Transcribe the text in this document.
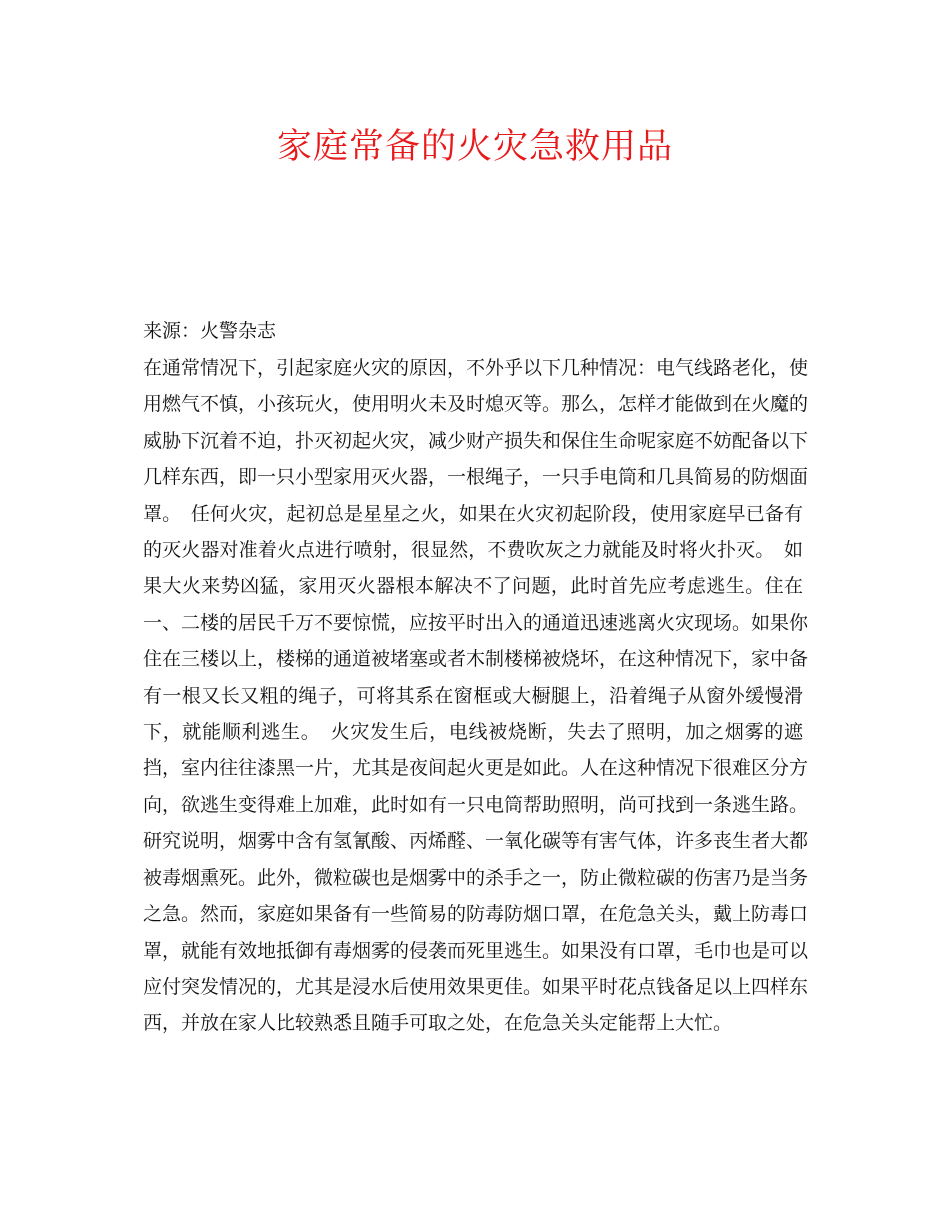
家庭常备的火灾急救用品

来源：火警杂志

在通常情况下，引起家庭火灾的原因，不外乎以下几种情况：电气线路老化，使
用燃气不慎，小孩玩火，使用明火未及时熄灭等。那么，怎样才能做到在火魔的
威胁下沉着不迫，扑灭初起火灾，减少财产损失和保住生命呢家庭不妨配备以下
几样东西，即一只小型家用灭火器，一根绳子，一只手电筒和几具简易的防烟面
罩。　任何火灾，起初总是星星之火，如果在火灾初起阶段，使用家庭早已备有
的灭火器对准着火点进行喷射，很显然，不费吹灰之力就能及时将火扑灭。　如
果大火来势凶猛，家用灭火器根本解决不了问题，此时首先应考虑逃生。住在
一、二楼的居民千万不要惊慌，应按平时出入的通道迅速逃离火灾现场。如果你
住在三楼以上，楼梯的通道被堵塞或者木制楼梯被烧坏，在这种情况下，家中备
有一根又长又粗的绳子，可将其系在窗框或大橱腿上，沿着绳子从窗外缓慢滑
下，就能顺利逃生。　火灾发生后，电线被烧断，失去了照明，加之烟雾的遮
挡，室内往往漆黑一片，尤其是夜间起火更是如此。人在这种情况下很难区分方
向，欲逃生变得难上加难，此时如有一只电筒帮助照明，尚可找到一条逃生路。
研究说明，烟雾中含有氢氰酸、丙烯醛、一氧化碳等有害气体，许多丧生者大都
被毒烟熏死。此外，微粒碳也是烟雾中的杀手之一，防止微粒碳的伤害乃是当务
之急。然而，家庭如果备有一些简易的防毒防烟口罩，在危急关头，戴上防毒口
罩，就能有效地抵御有毒烟雾的侵袭而死里逃生。如果没有口罩，毛巾也是可以
应付突发情况的，尤其是浸水后使用效果更佳。如果平时花点钱备足以上四样东
西，并放在家人比较熟悉且随手可取之处，在危急关头定能帮上大忙。
